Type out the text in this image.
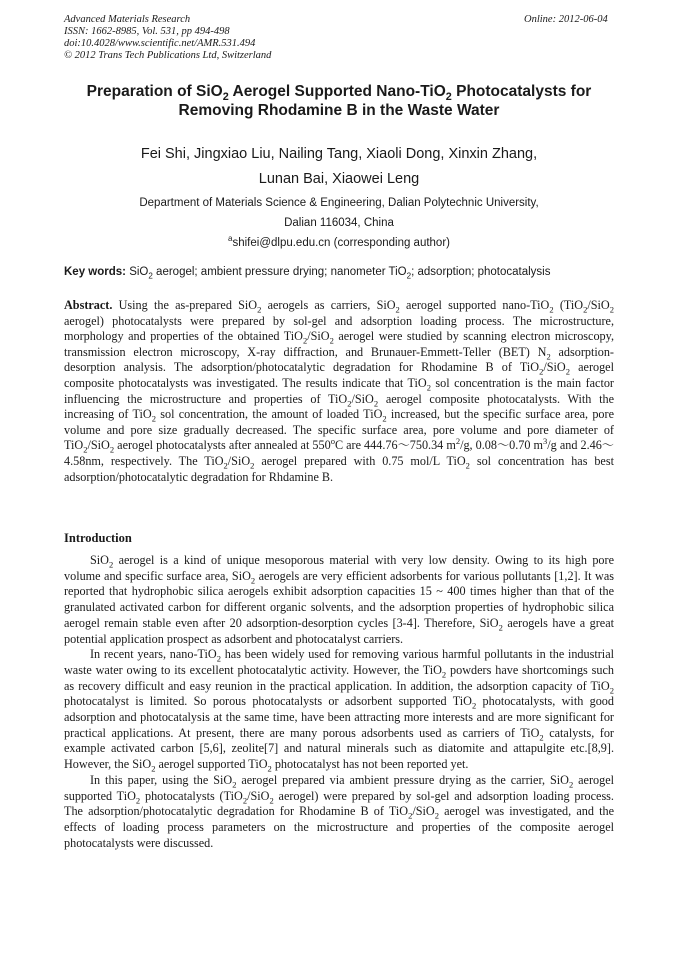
Advanced Materials Research
ISSN: 1662-8985, Vol. 531, pp 494-498
doi:10.4028/www.scientific.net/AMR.531.494
© 2012 Trans Tech Publications Ltd, Switzerland
Online: 2012-06-04
Preparation of SiO$_2$ Aerogel Supported Nano-TiO$_2$ Photocatalysts for Removing Rhodamine B in the Waste Water
Fei Shi, Jingxiao Liu, Nailing Tang, Xiaoli Dong, Xinxin Zhang,
Lunan Bai, Xiaowei Leng
Department of Materials Science & Engineering, Dalian Polytechnic University,
Dalian 116034, China
$^a$shifei@dlpu.edu.cn (corresponding author)
Key words: SiO$_2$ aerogel; ambient pressure drying; nanometer TiO$_2$; adsorption; photocatalysis
Abstract. Using the as-prepared SiO$_2$ aerogels as carriers, SiO$_2$ aerogel supported nano-TiO$_2$ (TiO$_2$/SiO$_2$ aerogel) photocatalysts were prepared by sol-gel and adsorption loading process. The microstructure, morphology and properties of the obtained TiO$_2$/SiO$_2$ aerogel were studied by scanning electron microscopy, transmission electron microscopy, X-ray diffraction, and Brunauer-Emmett-Teller (BET) $N_2$ adsorption-desorption analysis. The adsorption/photocatalytic degradation for Rhodamine B of TiO$_2$/SiO$_2$ aerogel composite photocatalysts was investigated. The results indicate that TiO$_2$ sol concentration is the main factor influencing the microstructure and properties of TiO$_2$/SiO$_2$ aerogel composite photocatalysts. With the increasing of TiO$_2$ sol concentration, the amount of loaded TiO$_2$ increased, but the specific surface area, pore volume and pore size gradually decreased. The specific surface area, pore volume and pore diameter of TiO$_2$/SiO$_2$ aerogel photocatalysts after annealed at 550$^o$C are 444.76～750.34 $m^2/g$, 0.08～0.70 $m^3/g$ and 2.46～4.58nm, respectively. The TiO$_2$/SiO$_2$ aerogel prepared with 0.75 mol/L TiO$_2$ sol concentration has best adsorption/photocatalytic degradation for Rhdamine B.
Introduction

SiO$_2$ aerogel is a kind of unique mesoporous material with very low density. Owing to its high pore volume and specific surface area, SiO$_2$ aerogels are very efficient adsorbents for various pollutants [1,2]. It was reported that hydrophobic silica aerogels exhibit adsorption capacities 15 ~ 400 times higher than that of the granulated activated carbon for different organic solvents, and the adsorption properties of hydrophobic silica aerogel remain stable even after 20 adsorption-desorption cycles [3-4]. Therefore, SiO$_2$ aerogels have a great potential application prospect as adsorbent and photocatalyst carriers.

In recent years, nano-TiO$_2$ has been widely used for removing various harmful pollutants in the industrial waste water owing to its excellent photocatalytic activity. However, the TiO$_2$ powders have shortcomings such as recovery difficult and easy reunion in the practical application. In addition, the adsorption capacity of TiO$_2$ photocatalyst is limited. So porous photocatalysts or adsorbent supported TiO$_2$ photocatalysts, with good adsorption and photocatalysis at the same time, have been attracting more interests and are more significant for practical applications. At present, there are many porous adsorbents used as carriers of TiO$_2$ catalysts, for example activated carbon [5,6], zeolite[7] and natural minerals such as diatomite and attapulgite etc.[8,9]. However, the SiO$_2$ aerogel supported TiO$_2$ photocatalyst has not been reported yet.

In this paper, using the SiO$_2$ aerogel prepared via ambient pressure drying as the carrier, SiO$_2$ aerogel supported TiO$_2$ photocatalysts (TiO$_2$/SiO$_2$ aerogel) were prepared by sol-gel and adsorption loading process. The adsorption/photocatalytic degradation for Rhodamine B of TiO$_2$/SiO$_2$ aerogel was investigated, and the effects of loading process parameters on the microstructure and properties of the composite aerogel photocatalysts were discussed.
